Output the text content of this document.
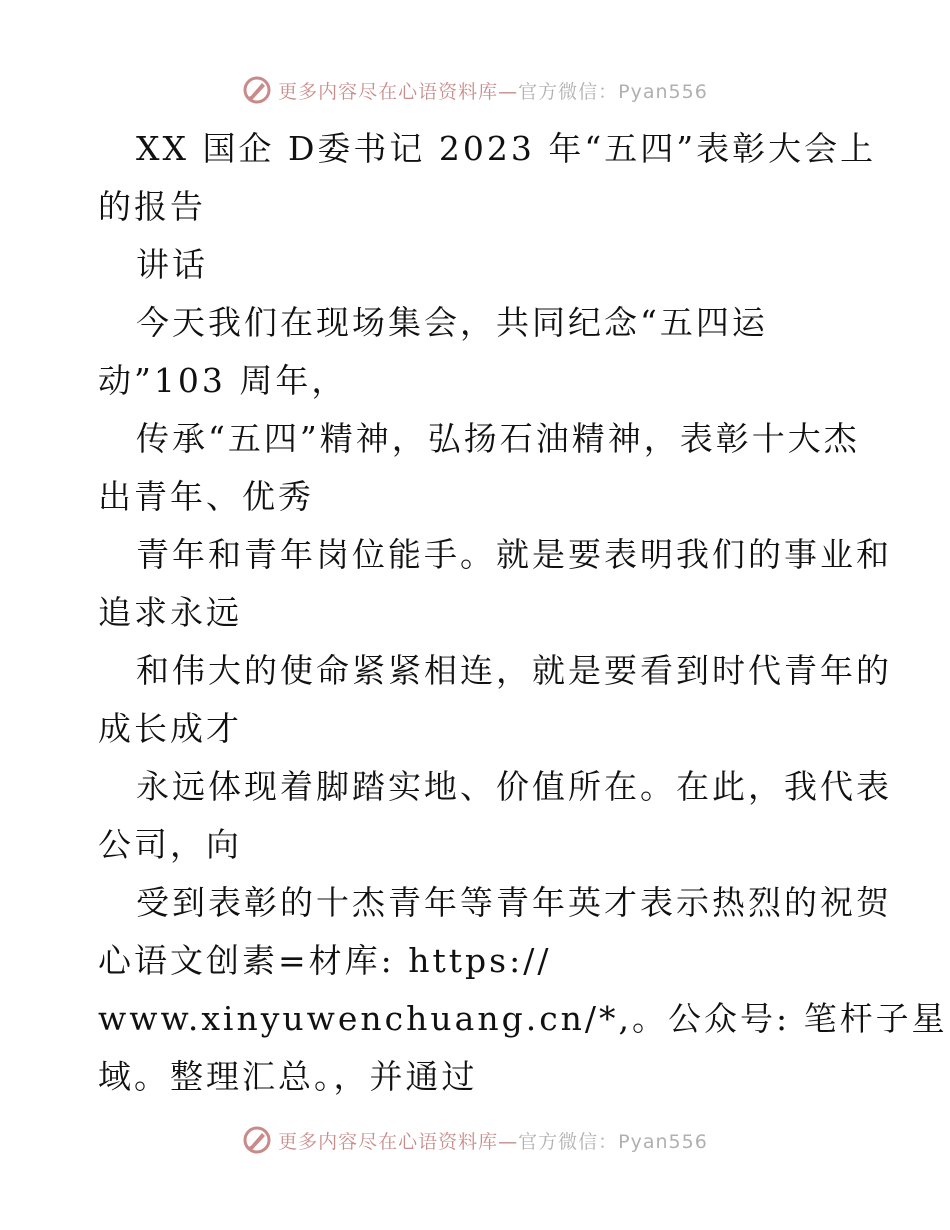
更多内容尽在心语资料库—官方微信：Pyan556
XX 国企 D委书记 2023 年“五四”表彰大会上
的报告
讲话
今天我们在现场集会，共同纪念“五四运
动”103 周年，
传承“五四”精神，弘扬石油精神，表彰十大杰
出青年、优秀
青年和青年岗位能手。就是要表明我们的事业和
追求永远
和伟大的使命紧紧相连，就是要看到时代青年的
成长成才
永远体现着脚踏实地、价值所在。在此，我代表
公司，向
受到表彰的十杰青年等青年英才表示热烈的祝贺
心语文创素=材库: https://
www.xinyuwenchuang.cn/*,。公众号: 笔杆子星
域。整理汇总。，并通过
更多内容尽在心语资料库—官方微信：Pyan556
